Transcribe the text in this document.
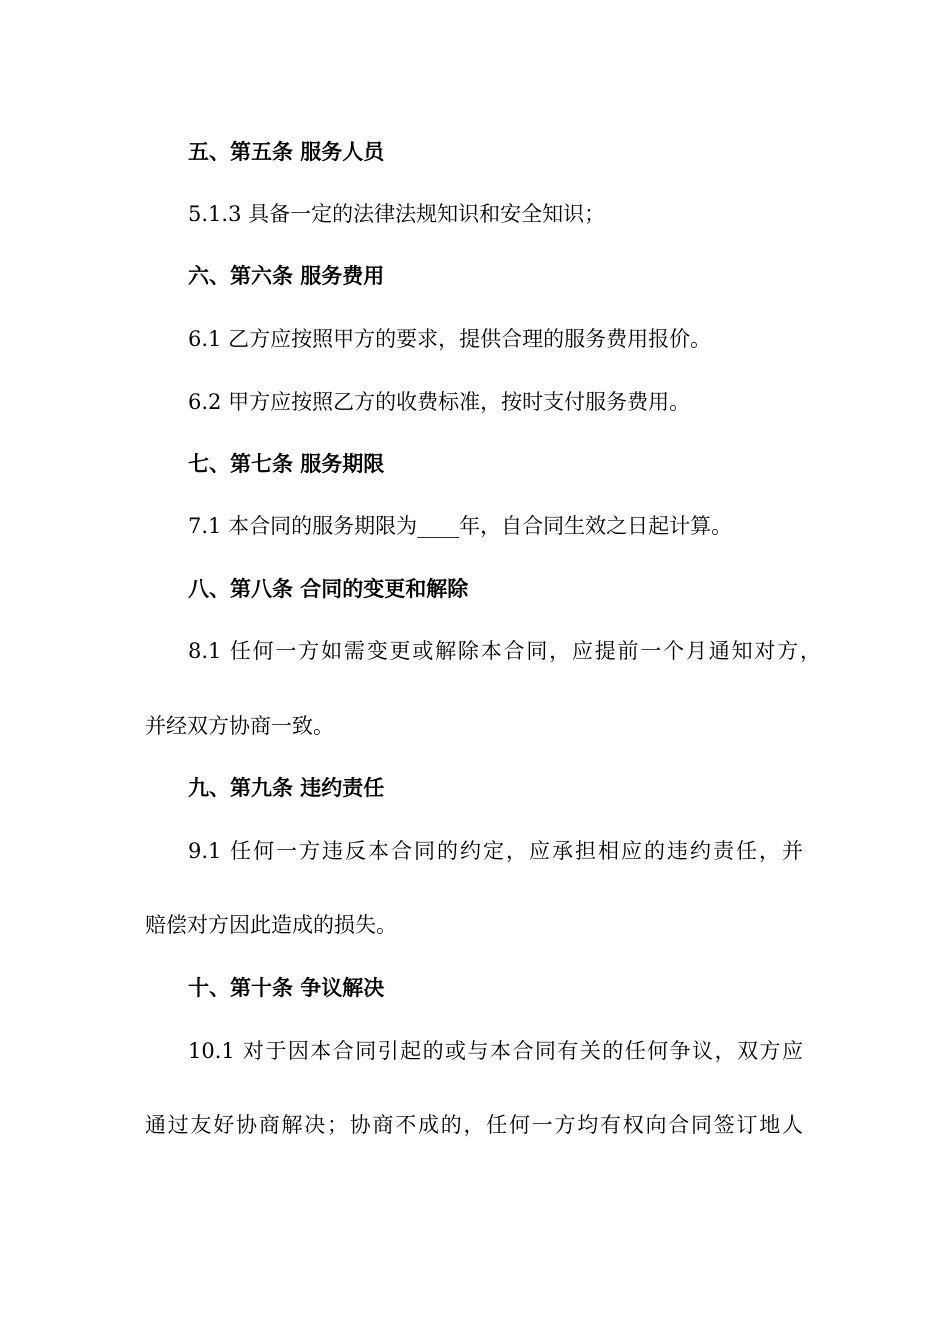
五、第五条 服务人员
5.1.3 具备一定的法律法规知识和安全知识；
六、第六条 服务费用
6.1 乙方应按照甲方的要求，提供合理的服务费用报价。
6.2 甲方应按照乙方的收费标准，按时支付服务费用。
七、第七条 服务期限
7.1 本合同的服务期限为____年，自合同生效之日起计算。
八、第八条 合同的变更和解除
8.1 任何一方如需变更或解除本合同，应提前一个月通知对方，
并经双方协商一致。
九、第九条 违约责任
9.1 任何一方违反本合同的约定，应承担相应的违约责任，并
赔偿对方因此造成的损失。
十、第十条 争议解决
10.1 对于因本合同引起的或与本合同有关的任何争议，双方应
通过友好协商解决；协商不成的，任何一方均有权向合同签订地人
